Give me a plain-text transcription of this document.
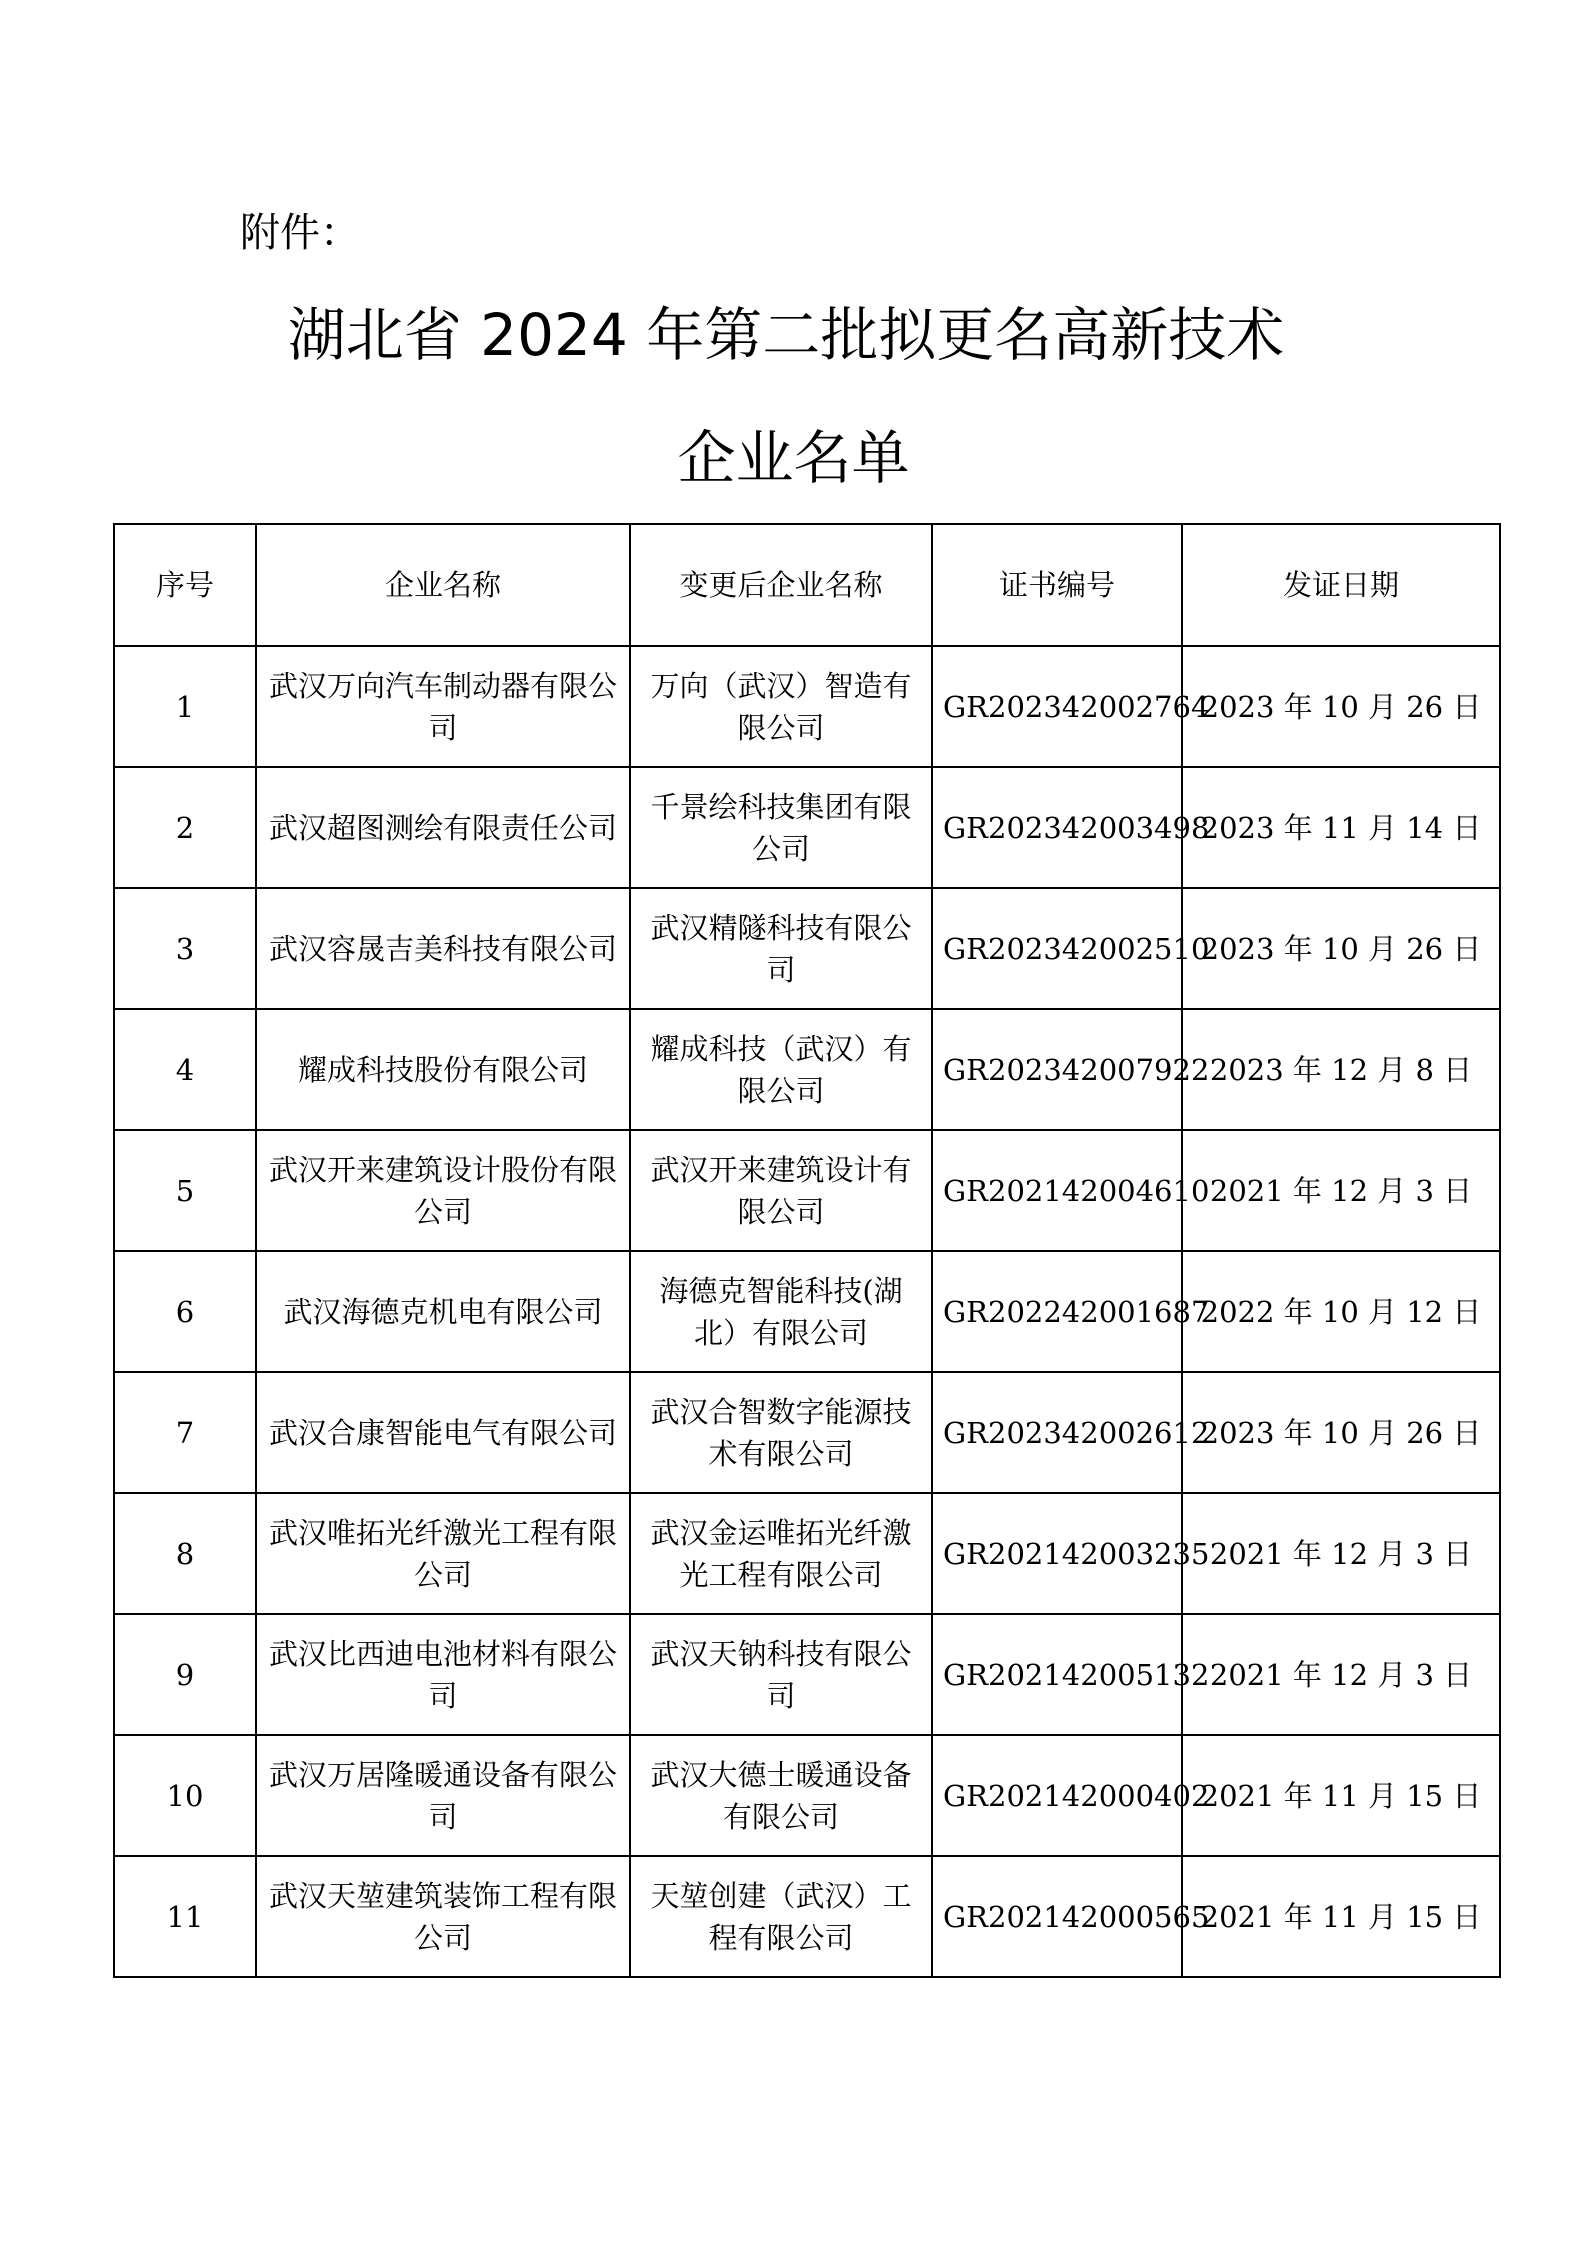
附件：
湖北省 2024 年第二批拟更名高新技术
企业名单
序号	企业名称	变更后企业名称	证书编号	发证日期
1	武汉万向汽车制动器有限公司	万向（武汉）智造有限公司	GR202342002764	2023 年 10 月 26 日
2	武汉超图测绘有限责任公司	千景绘科技集团有限公司	GR202342003498	2023 年 11 月 14 日
3	武汉容晟吉美科技有限公司	武汉精隧科技有限公司	GR202342002510	2023 年 10 月 26 日
4	耀成科技股份有限公司	耀成科技（武汉）有限公司	GR202342007922	2023 年 12 月 8 日
5	武汉开来建筑设计股份有限公司	武汉开来建筑设计有限公司	GR202142004610	2021 年 12 月 3 日
6	武汉海德克机电有限公司	海德克智能科技(湖北）有限公司	GR202242001687	2022 年 10 月 12 日
7	武汉合康智能电气有限公司	武汉合智数字能源技术有限公司	GR202342002612	2023 年 10 月 26 日
8	武汉唯拓光纤激光工程有限公司	武汉金运唯拓光纤激光工程有限公司	GR202142003235	2021 年 12 月 3 日
9	武汉比西迪电池材料有限公司	武汉天钠科技有限公司	GR202142005132	2021 年 12 月 3 日
10	武汉万居隆暖通设备有限公司	武汉大德士暖通设备有限公司	GR202142000402	2021 年 11 月 15 日
11	武汉天堃建筑装饰工程有限公司	天堃创建（武汉）工程有限公司	GR202142000565	2021 年 11 月 15 日
